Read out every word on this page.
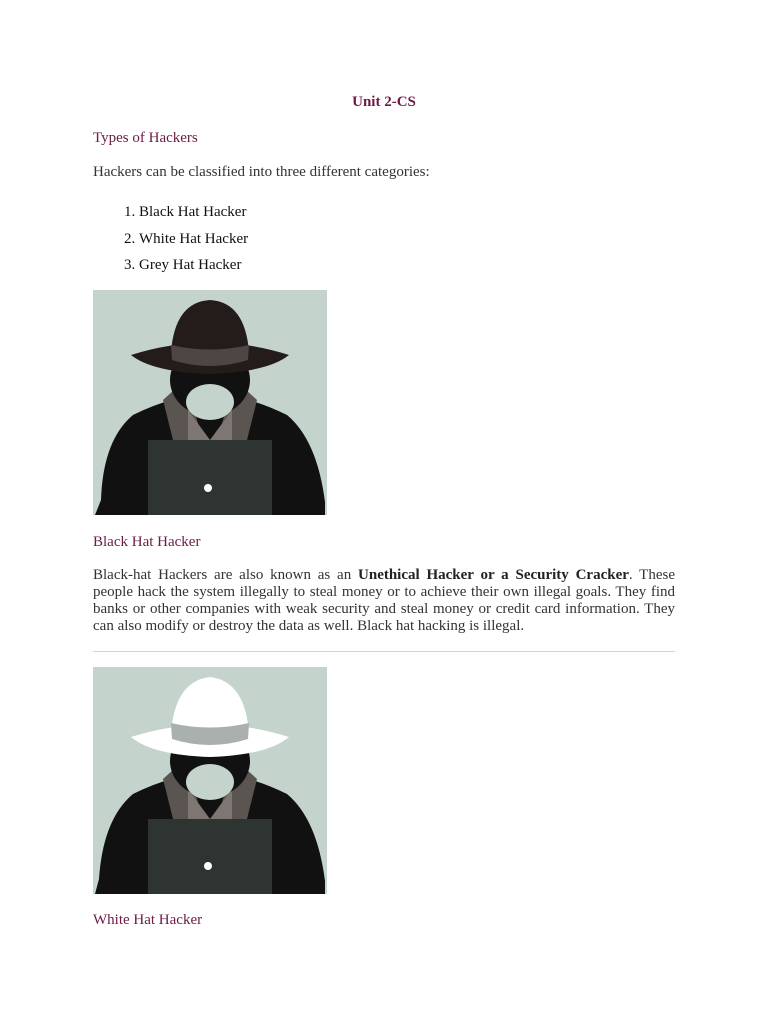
Unit 2-CS
Types of Hackers
Hackers can be classified into three different categories:
1. Black Hat Hacker
2. White Hat Hacker
3. Grey Hat Hacker
Black Hat Hacker

Black-hat Hackers are also known as an Unethical Hacker or a Security Cracker. These people hack the system illegally to steal money or to achieve their own illegal goals. They find banks or other companies with weak security and steal money or credit card information. They can also modify or destroy the data as well. Black hat hacking is illegal.

White Hat Hacker
